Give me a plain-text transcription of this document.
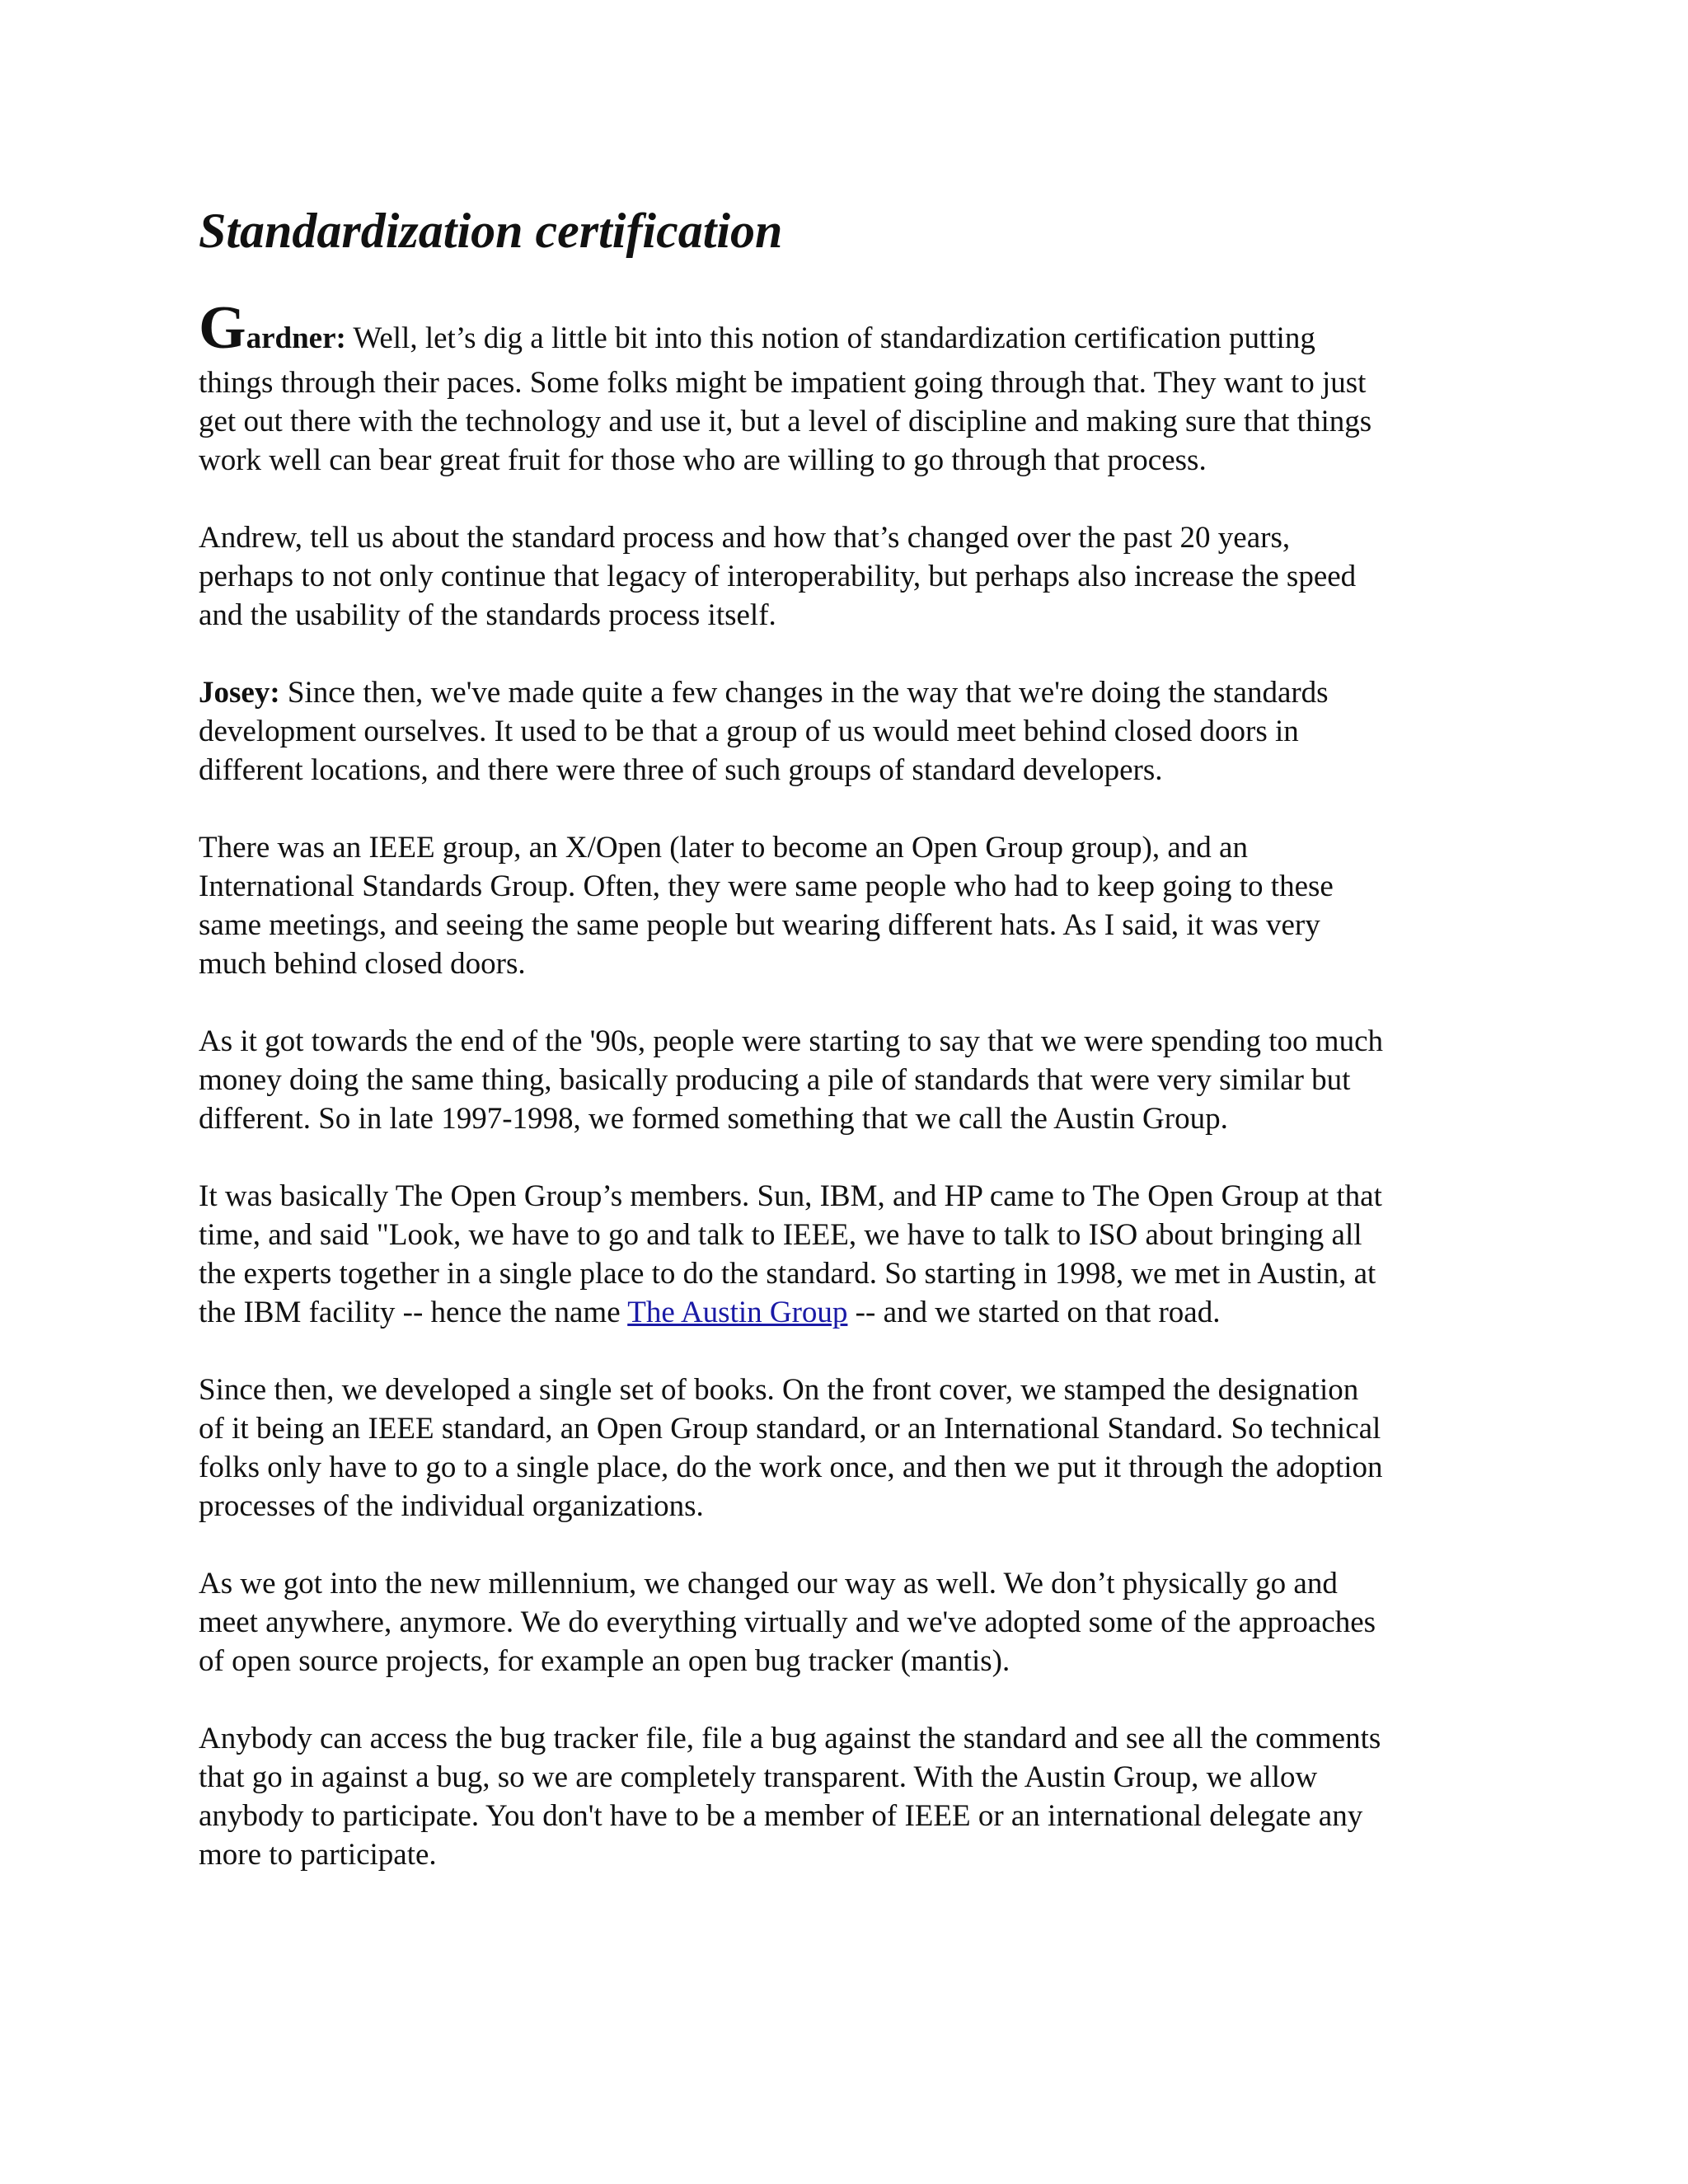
Standardization certification

Gardner: Well, let’s dig a little bit into this notion of standardization certification putting
things through their paces. Some folks might be impatient going through that. They want to just
get out there with the technology and use it, but a level of discipline and making sure that things
work well can bear great fruit for those who are willing to go through that process.

Andrew, tell us about the standard process and how that’s changed over the past 20 years,
perhaps to not only continue that legacy of interoperability, but perhaps also increase the speed
and the usability of the standards process itself.

Josey: Since then, we've made quite a few changes in the way that we're doing the standards
development ourselves. It used to be that a group of us would meet behind closed doors in
different locations, and there were three of such groups of standard developers.

There was an IEEE group, an X/Open (later to become an Open Group group), and an
International Standards Group. Often, they were same people who had to keep going to these
same meetings, and seeing the same people but wearing different hats. As I said, it was very
much behind closed doors.

As it got towards the end of the '90s, people were starting to say that we were spending too much
money doing the same thing, basically producing a pile of standards that were very similar but
different. So in late 1997-1998, we formed something that we call the Austin Group.

It was basically The Open Group’s members. Sun, IBM, and HP came to The Open Group at that
time, and said "Look, we have to go and talk to IEEE, we have to talk to ISO about bringing all
the experts together in a single place to do the standard. So starting in 1998, we met in Austin, at
the IBM facility -- hence the name The Austin Group -- and we started on that road.

Since then, we developed a single set of books. On the front cover, we stamped the designation
of it being an IEEE standard, an Open Group standard, or an International Standard. So technical
folks only have to go to a single place, do the work once, and then we put it through the adoption
processes of the individual organizations.

As we got into the new millennium, we changed our way as well. We don’t physically go and
meet anywhere, anymore. We do everything virtually and we've adopted some of the approaches
of open source projects, for example an open bug tracker (mantis).

Anybody can access the bug tracker file, file a bug against the standard and see all the comments
that go in against a bug, so we are completely transparent. With the Austin Group, we allow
anybody to participate. You don't have to be a member of IEEE or an international delegate any
more to participate.
